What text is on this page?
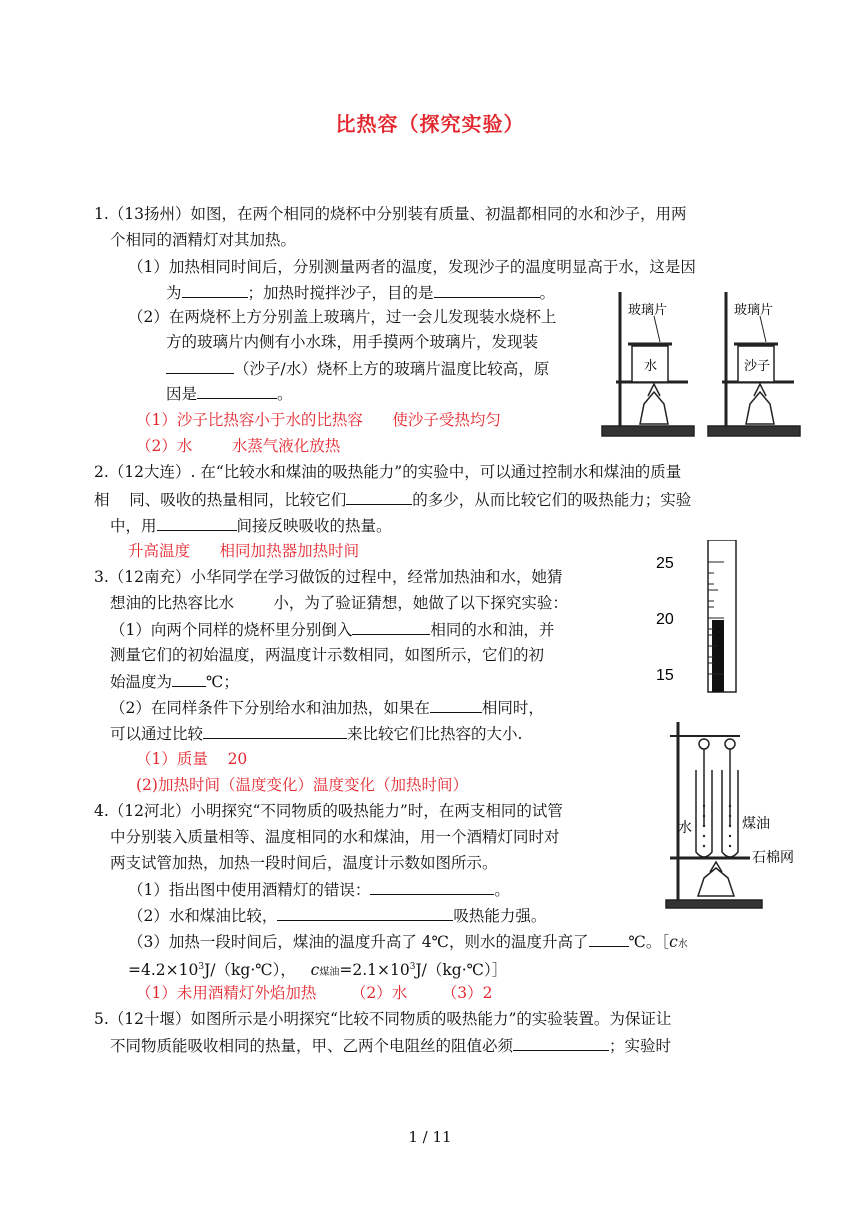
比热容（探究实验）
1.（13扬州）如图，在两个相同的烧杯中分别装有质量、初温都相同的水和沙子，用两
个相同的酒精灯对其加热。
（1）加热相同时间后，分别测量两者的温度，发现沙子的温度明显高于水，这是因
为	；加热时搅拌沙子，目的是	。
（2）在两烧杯上方分别盖上玻璃片，过一会儿发现装水烧杯上
方的玻璃片内侧有小水珠，用手摸两个玻璃片，发现装
（沙子/水）烧杯上方的玻璃片温度比较高，原
因是	。
（1）沙子比热容小于水的比热容      使沙子受热均匀
（2）水        水蒸气液化放热
玻璃片	玻璃片
水	沙子
2.（12大连）. 在“比较水和煤油的吸热能力”的实验中，可以通过控制水和煤油的质量
相    同、吸收的热量相同，比较它们	的多少，从而比较它们的吸热能力；实验
中，用	间接反映吸收的热量。
升高温度      相同加热器加热时间
3.（12南充）小华同学在学习做饭的过程中，经常加热油和水，她猜
想油的比热容比水        小，为了验证猜想，她做了以下探究实验：
（1）向两个同样的烧杯里分别倒入	相同的水和油，并
测量它们的初始温度，两温度计示数相同，如图所示，它们的初
始温度为 ℃；
（2）在同样条件下分别给水和油加热，如果在	相同时，
可以通过比较	来比较它们比热容的大小.
（1）质量    20
(2)加热时间（温度变化）温度变化（加热时间）
25
20
15
4.（12河北）小明探究“不同物质的吸热能力”时，在两支相同的试管
中分别装入质量相等、温度相同的水和煤油，用一个酒精灯同时对
两支试管加热，加热一段时间后，温度计示数如图所示。
（1）指出图中使用酒精灯的错误：	。
（2）水和煤油比较，	吸热能力强。
（3）加热一段时间后，煤油的温度升高了 4℃，则水的温度升高了	℃。［c水
$=4.2\times 10^3J/(kg\cdot℃)$，   c煤油$=2.1\times 10^3J/(kg\cdot℃)]$
（1）未用酒精灯外焰加热       （2）水       （3）2
水	煤油
石棉网
5.（12十堰）如图所示是小明探究“比较不同物质的吸热能力”的实验装置。为保证让
不同物质能吸收相同的热量，甲、乙两个电阻丝的阻值必须	；实验时
1 / 11
